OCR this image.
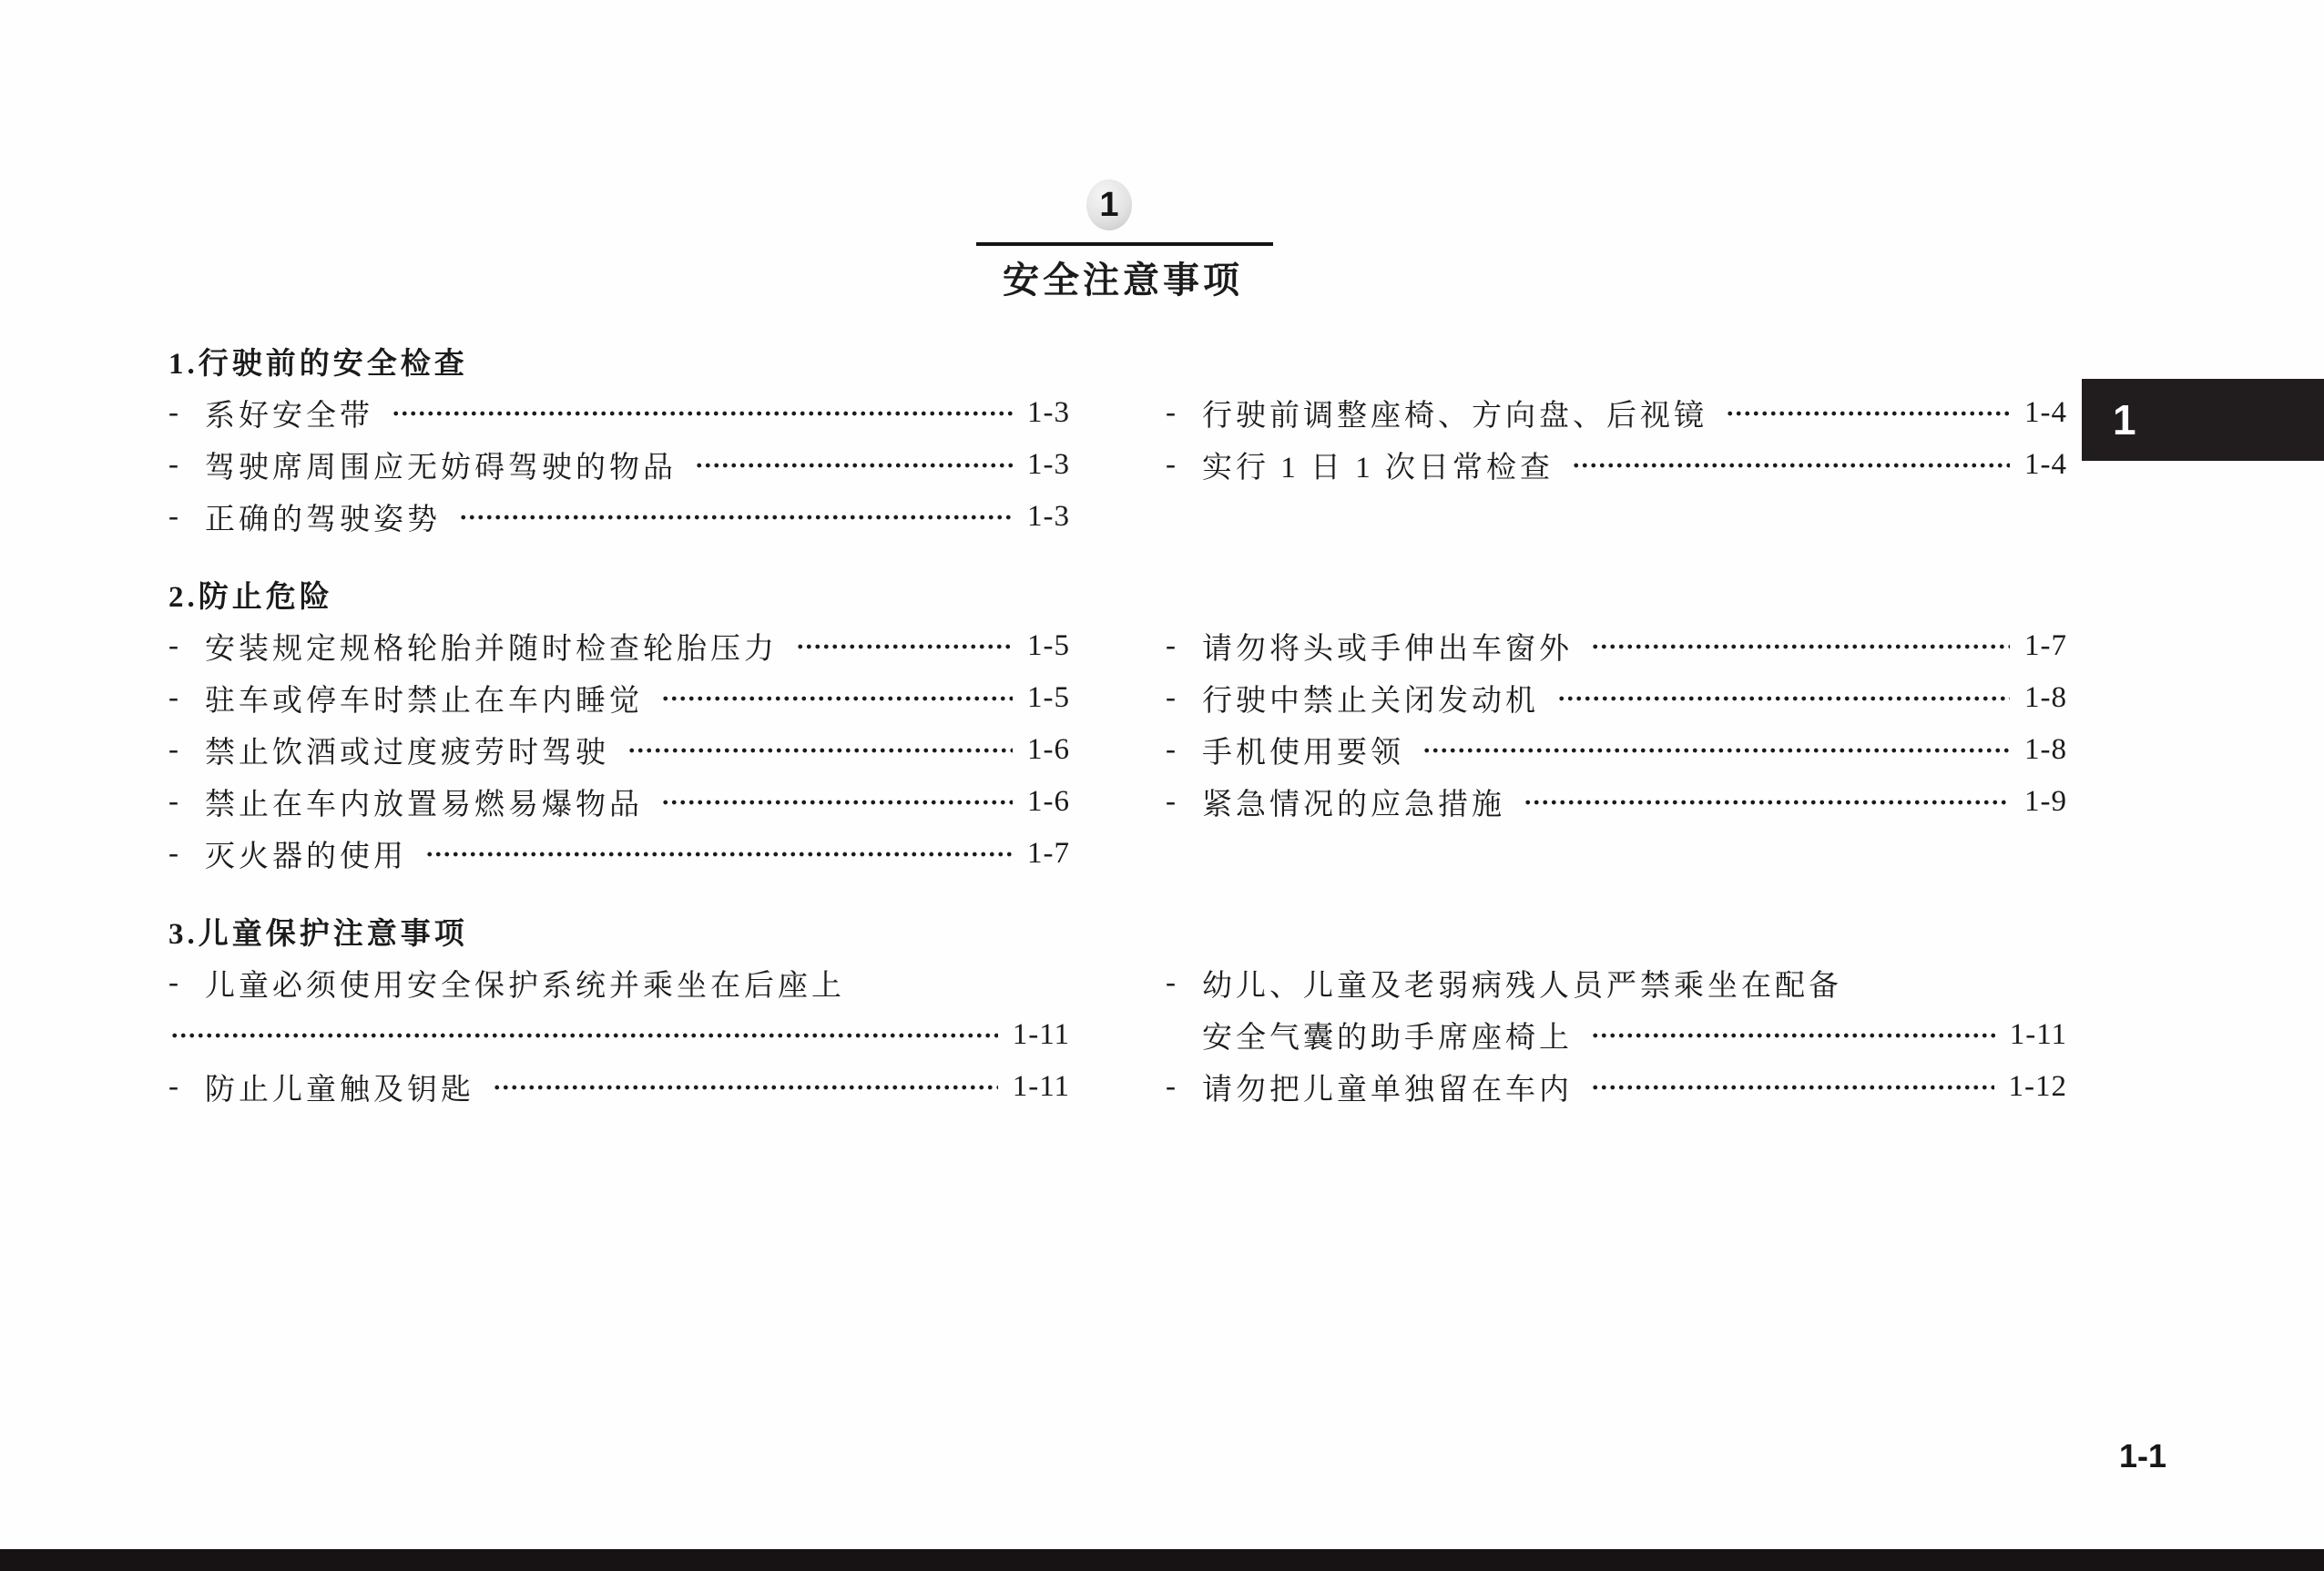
1
安全注意事项
1
1.行驶前的安全检查
- 系好安全带	1-3
- 驾驶席周围应无妨碍驾驶的物品	1-3
- 正确的驾驶姿势	1-3
- 行驶前调整座椅、方向盘、后视镜	1-4
- 实行 1 日 1 次日常检查	1-4
2.防止危险
- 安装规定规格轮胎并随时检查轮胎压力	1-5
- 驻车或停车时禁止在车内睡觉	1-5
- 禁止饮酒或过度疲劳时驾驶	1-6
- 禁止在车内放置易燃易爆物品	1-6
- 灭火器的使用	1-7
- 请勿将头或手伸出车窗外	1-7
- 行驶中禁止关闭发动机	1-8
- 手机使用要领	1-8
- 紧急情况的应急措施	1-9
3.儿童保护注意事项
- 儿童必须使用安全保护系统并乘坐在后座上
1-11
- 防止儿童触及钥匙	1-11
- 幼儿、儿童及老弱病残人员严禁乘坐在配备
安全气囊的助手席座椅上	1-11
- 请勿把儿童单独留在车内	1-12
1-1
